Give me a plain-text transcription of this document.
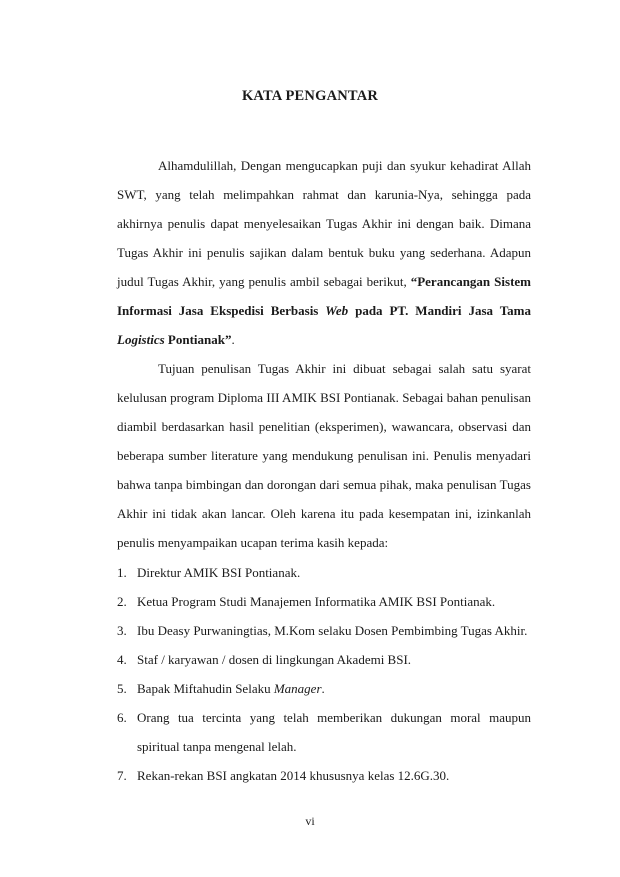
KATA PENGANTAR

Alhamdulillah, Dengan mengucapkan puji dan syukur kehadirat Allah SWT, yang telah melimpahkan rahmat dan karunia-Nya, sehingga pada akhirnya penulis dapat menyelesaikan Tugas Akhir ini dengan baik. Dimana Tugas Akhir ini penulis sajikan dalam bentuk buku yang sederhana. Adapun judul Tugas Akhir, yang penulis ambil sebagai berikut, “Perancangan Sistem Informasi Jasa Ekspedisi Berbasis Web pada PT. Mandiri Jasa Tama Logistics Pontianak”.

Tujuan penulisan Tugas Akhir ini dibuat sebagai salah satu syarat kelulusan program Diploma III AMIK BSI Pontianak. Sebagai bahan penulisan diambil berdasarkan hasil penelitian (eksperimen), wawancara, observasi dan beberapa sumber literature yang mendukung penulisan ini. Penulis menyadari bahwa tanpa bimbingan dan dorongan dari semua pihak, maka penulisan Tugas Akhir ini tidak akan lancar. Oleh karena itu pada kesempatan ini, izinkanlah penulis menyampaikan ucapan terima kasih kepada:

1. Direktur AMIK BSI Pontianak.
2. Ketua Program Studi Manajemen Informatika AMIK BSI Pontianak.
3. Ibu Deasy Purwaningtias, M.Kom selaku Dosen Pembimbing Tugas Akhir.
4. Staf / karyawan / dosen di lingkungan Akademi BSI.
5. Bapak Miftahudin Selaku Manager.
6. Orang tua tercinta yang telah memberikan dukungan moral maupun spiritual tanpa mengenal lelah.
7. Rekan-rekan BSI angkatan 2014 khususnya kelas 12.6G.30.
vi
